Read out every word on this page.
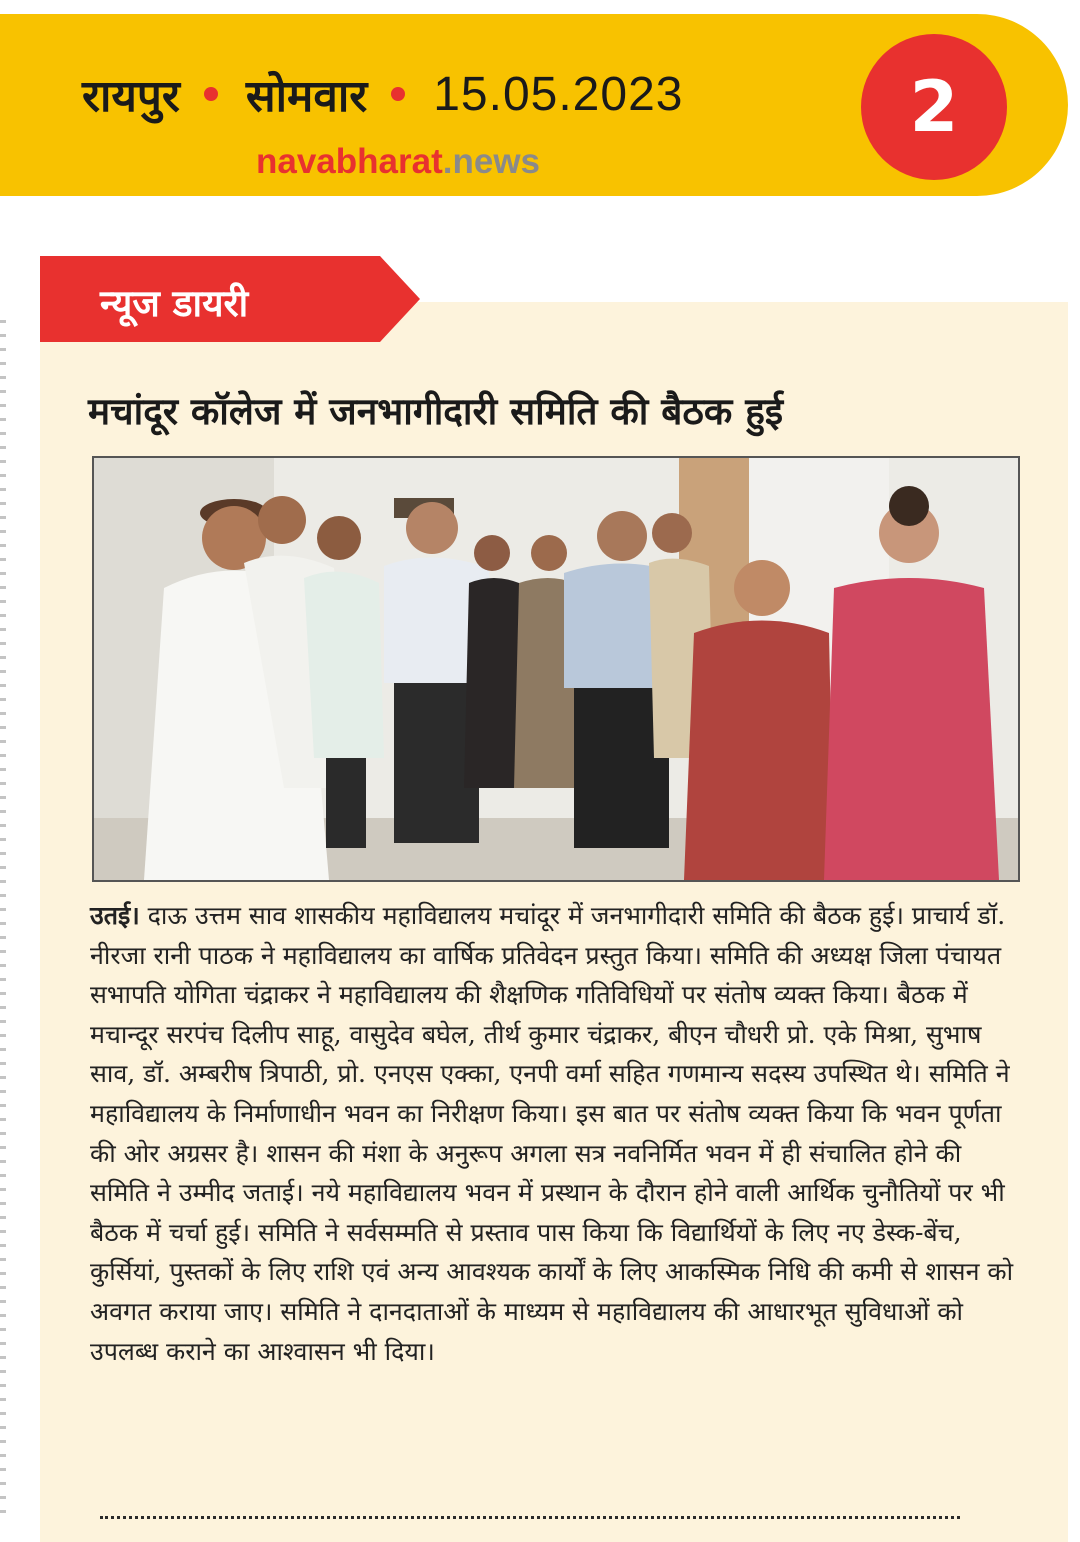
रायपुर सोमवार 15.05.2023
navabharat.news
2
न्यूज डायरी
मचांदूर कॉलेज में जनभागीदारी समिति की बैठक हुई
उतई। दाऊ उत्तम साव शासकीय महाविद्यालय मचांदूर में जनभागीदारी समिति की बैठक हुई। प्राचार्य डॉ. नीरजा रानी पाठक ने महाविद्यालय का वार्षिक प्रतिवेदन प्रस्तुत किया। समिति की अध्यक्ष जिला पंचायत सभापति योगिता चंद्राकर ने महाविद्यालय की शैक्षणिक गतिविधियों पर संतोष व्यक्त किया। बैठक में मचान्दूर सरपंच दिलीप साहू, वासुदेव बघेल, तीर्थ कुमार चंद्राकर, बीएन चौधरी प्रो. एके मिश्रा, सुभाष साव, डॉ. अम्बरीष त्रिपाठी, प्रो. एनएस एक्का, एनपी वर्मा सहित गणमान्य सदस्य उपस्थित थे। समिति ने महाविद्यालय के निर्माणाधीन भवन का निरीक्षण किया। इस बात पर संतोष व्यक्त किया कि भवन पूर्णता की ओर अग्रसर है। शासन की मंशा के अनुरूप अगला सत्र नवनिर्मित भवन में ही संचालित होने की समिति ने उम्मीद जताई। नये महाविद्यालय भवन में प्रस्थान के दौरान होने वाली आर्थिक चुनौतियों पर भी बैठक में चर्चा हुई। समिति ने सर्वसम्मति से प्रस्ताव पास किया कि विद्यार्थियों के लिए नए डेस्क-बेंच, कुर्सियां, पुस्तकों के लिए राशि एवं अन्य आवश्यक कार्यों के लिए आकस्मिक निधि की कमी से शासन को अवगत कराया जाए। समिति ने दानदाताओं के माध्यम से महाविद्यालय की आधारभूत सुविधाओं को उपलब्ध कराने का आश्वासन भी दिया।
